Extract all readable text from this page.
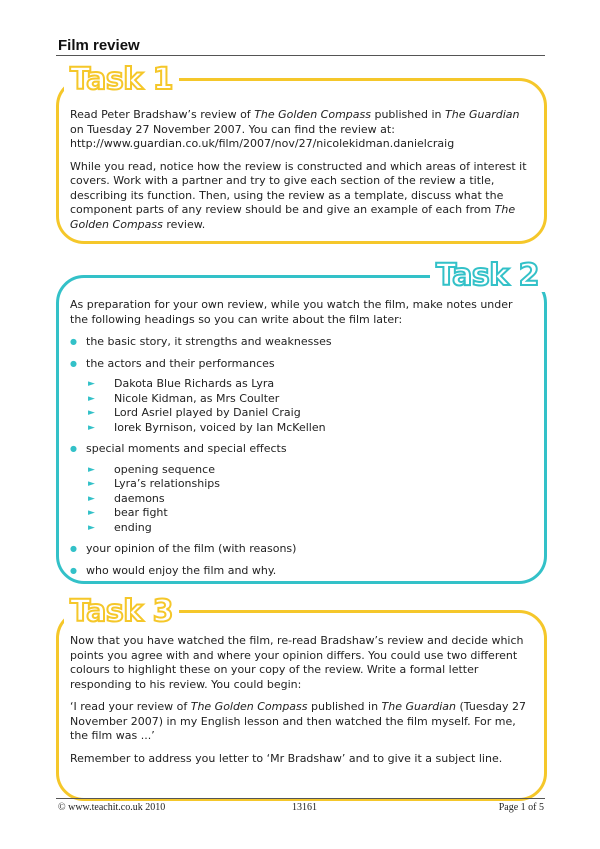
Film review
Task 1

Read Peter Bradshaw’s review of The Golden Compass published in The Guardian on Tuesday 27 November 2007. You can find the review at:
http://www.guardian.co.uk/film/2007/nov/27/nicolekidman.danielcraig

While you read, notice how the review is constructed and which areas of interest it covers. Work with a partner and try to give each section of the review a title, describing its function. Then, using the review as a template, discuss what the component parts of any review should be and give an example of each from The Golden Compass review.

Task 2

As preparation for your own review, while you watch the film, make notes under the following headings so you can write about the film later:

● the basic story, it strengths and weaknesses
● the actors and their performances
► Dakota Blue Richards as Lyra
► Nicole Kidman, as Mrs Coulter
► Lord Asriel played by Daniel Craig
► Iorek Byrnison, voiced by Ian McKellen
● special moments and special effects
► opening sequence
► Lyra’s relationships
► daemons
► bear fight
► ending
● your opinion of the film (with reasons)
● who would enjoy the film and why.
Task 3

Now that you have watched the film, re-read Bradshaw’s review and decide which points you agree with and where your opinion differs. You could use two different colours to highlight these on your copy of the review. Write a formal letter responding to his review. You could begin:

‘I read your review of The Golden Compass published in The Guardian (Tuesday 27 November 2007) in my English lesson and then watched the film myself. For me, the film was ...’

Remember to address you letter to ‘Mr Bradshaw’ and to give it a subject line.

© www.teachit.co.uk 2010	13161	Page 1 of 5
